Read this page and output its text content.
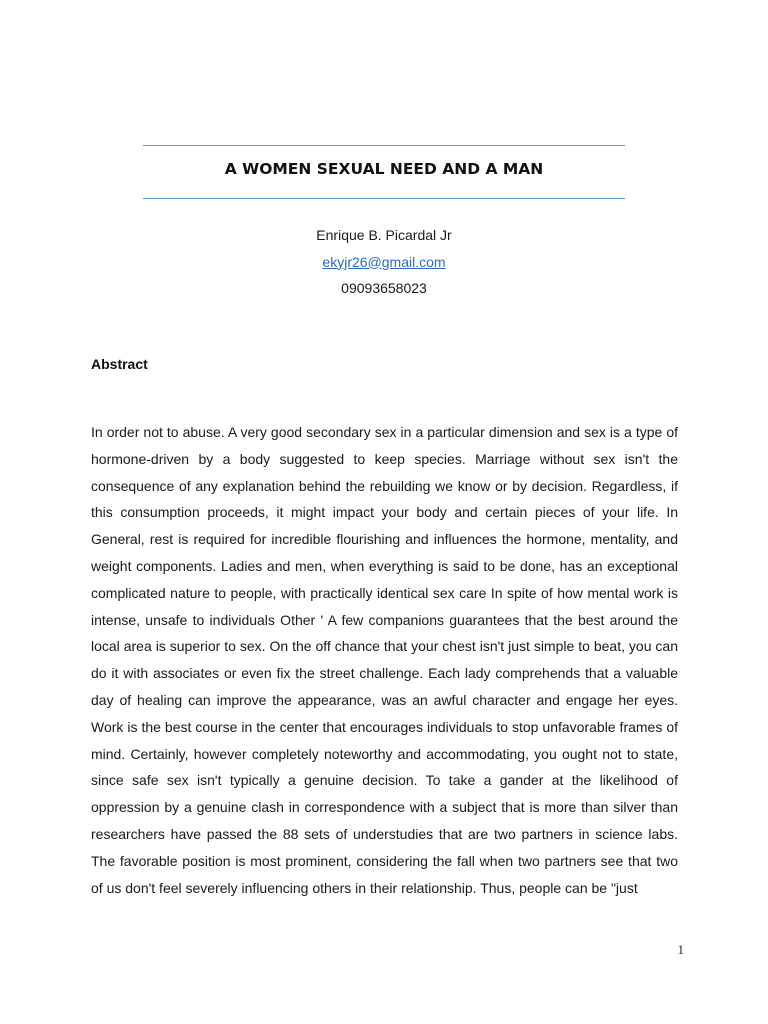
A WOMEN SEXUAL NEED AND A MAN
Enrique B. Picardal Jr
ekyjr26@gmail.com
09093658023
Abstract
In order not to abuse. A very good secondary sex in a particular dimension and sex is a type of hormone-driven by a body suggested to keep species. Marriage without sex isn't the consequence of any explanation behind the rebuilding we know or by decision. Regardless, if this consumption proceeds, it might impact your body and certain pieces of your life. In General, rest is required for incredible flourishing and influences the hormone, mentality, and weight components. Ladies and men, when everything is said to be done, has an exceptional complicated nature to people, with practically identical sex care In spite of how mental work is intense, unsafe to individuals Other ' A few companions guarantees that the best around the local area is superior to sex. On the off chance that your chest isn't just simple to beat, you can do it with associates or even fix the street challenge. Each lady comprehends that a valuable day of healing can improve the appearance, was an awful character and engage her eyes. Work is the best course in the center that encourages individuals to stop unfavorable frames of mind. Certainly, however completely noteworthy and accommodating, you ought not to state, since safe sex isn't typically a genuine decision. To take a gander at the likelihood of oppression by a genuine clash in correspondence with a subject that is more than silver than researchers have passed the 88 sets of understudies that are two partners in science labs. The favorable position is most prominent, considering the fall when two partners see that two of us don't feel severely influencing others in their relationship. Thus, people can be "just
1
